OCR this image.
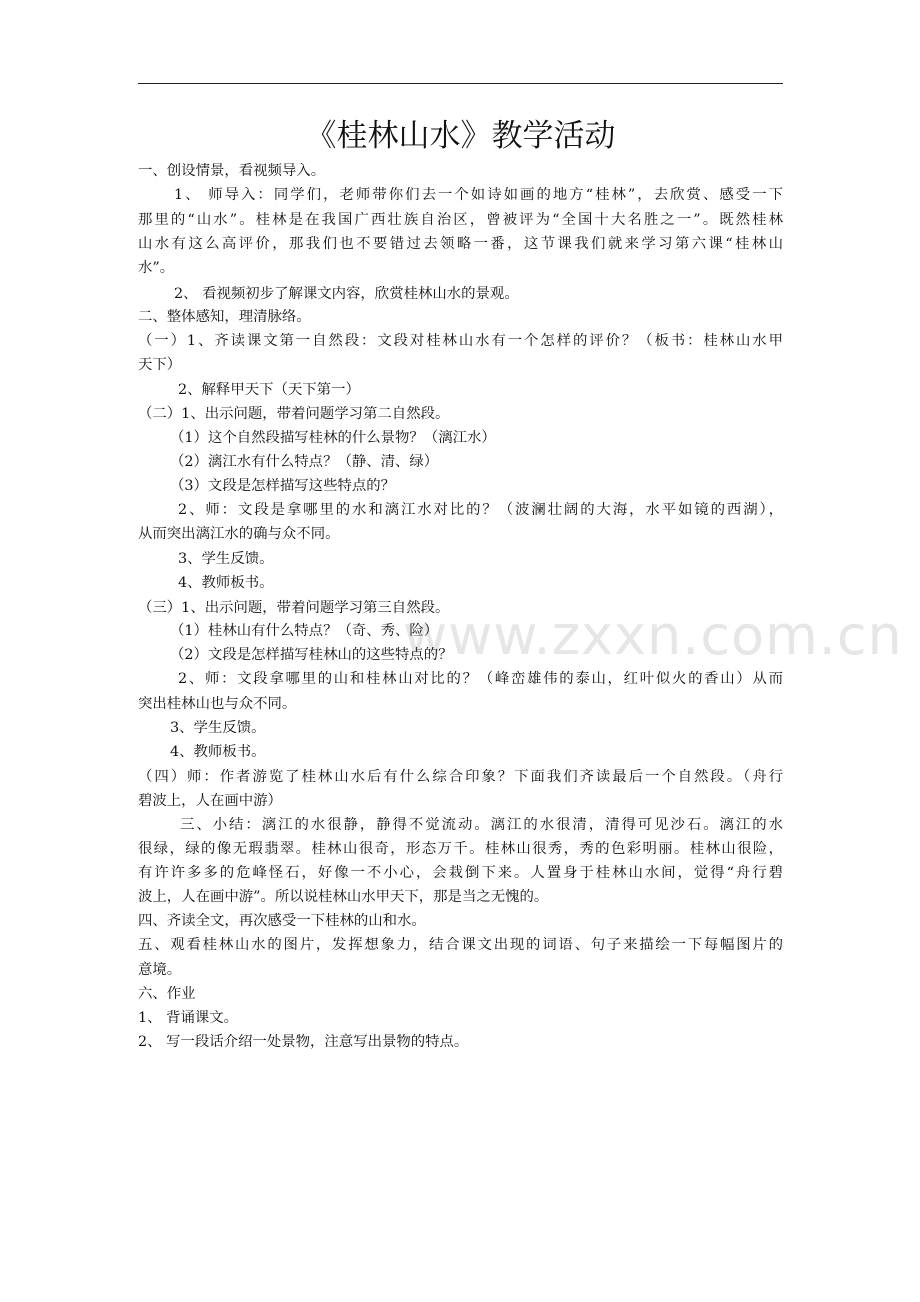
www.zxxn.com.cn
《桂林山水》教学活动
一、创设情景，看视频导入。
1、 师导入：同学们，老师带你们去一个如诗如画的地方“桂林”，去欣赏、感受一下
那里的“山水”。桂林是在我国广西壮族自治区，曾被评为“全国十大名胜之一”。既然桂林
山水有这么高评价，那我们也不要错过去领略一番，这节课我们就来学习第六课“桂林山
水”。
2、 看视频初步了解课文内容，欣赏桂林山水的景观。
二、整体感知，理清脉络。
（一）1、齐读课文第一自然段：文段对桂林山水有一个怎样的评价？（板书：桂林山水甲
天下）
2、解释甲天下（天下第一）
（二）1、出示问题，带着问题学习第二自然段。
（1）这个自然段描写桂林的什么景物？（漓江水）
（2）漓江水有什么特点？（静、清、绿）
（3）文段是怎样描写这些特点的？
2、师：文段是拿哪里的水和漓江水对比的？（波澜壮阔的大海，水平如镜的西湖），
从而突出漓江水的确与众不同。
3、学生反馈。
4、教师板书。
（三）1、出示问题，带着问题学习第三自然段。
（1）桂林山有什么特点？（奇、秀、险）
（2）文段是怎样描写桂林山的这些特点的？
2、师：文段拿哪里的山和桂林山对比的？（峰峦雄伟的泰山，红叶似火的香山）从而
突出桂林山也与众不同。
3、学生反馈。
4、教师板书。
（四）师：作者游览了桂林山水后有什么综合印象？下面我们齐读最后一个自然段。（舟行
碧波上，人在画中游）
三、小结：漓江的水很静，静得不觉流动。漓江的水很清，清得可见沙石。漓江的水
很绿，绿的像无瑕翡翠。桂林山很奇，形态万千。桂林山很秀，秀的色彩明丽。桂林山很险，
有许许多多的危峰怪石，好像一不小心，会栽倒下来。人置身于桂林山水间，觉得“舟行碧
波上，人在画中游”。所以说桂林山水甲天下，那是当之无愧的。
四、齐读全文，再次感受一下桂林的山和水。
五、观看桂林山水的图片，发挥想象力，结合课文出现的词语、句子来描绘一下每幅图片的
意境。
六、作业
1、 背诵课文。
2、 写一段话介绍一处景物，注意写出景物的特点。
